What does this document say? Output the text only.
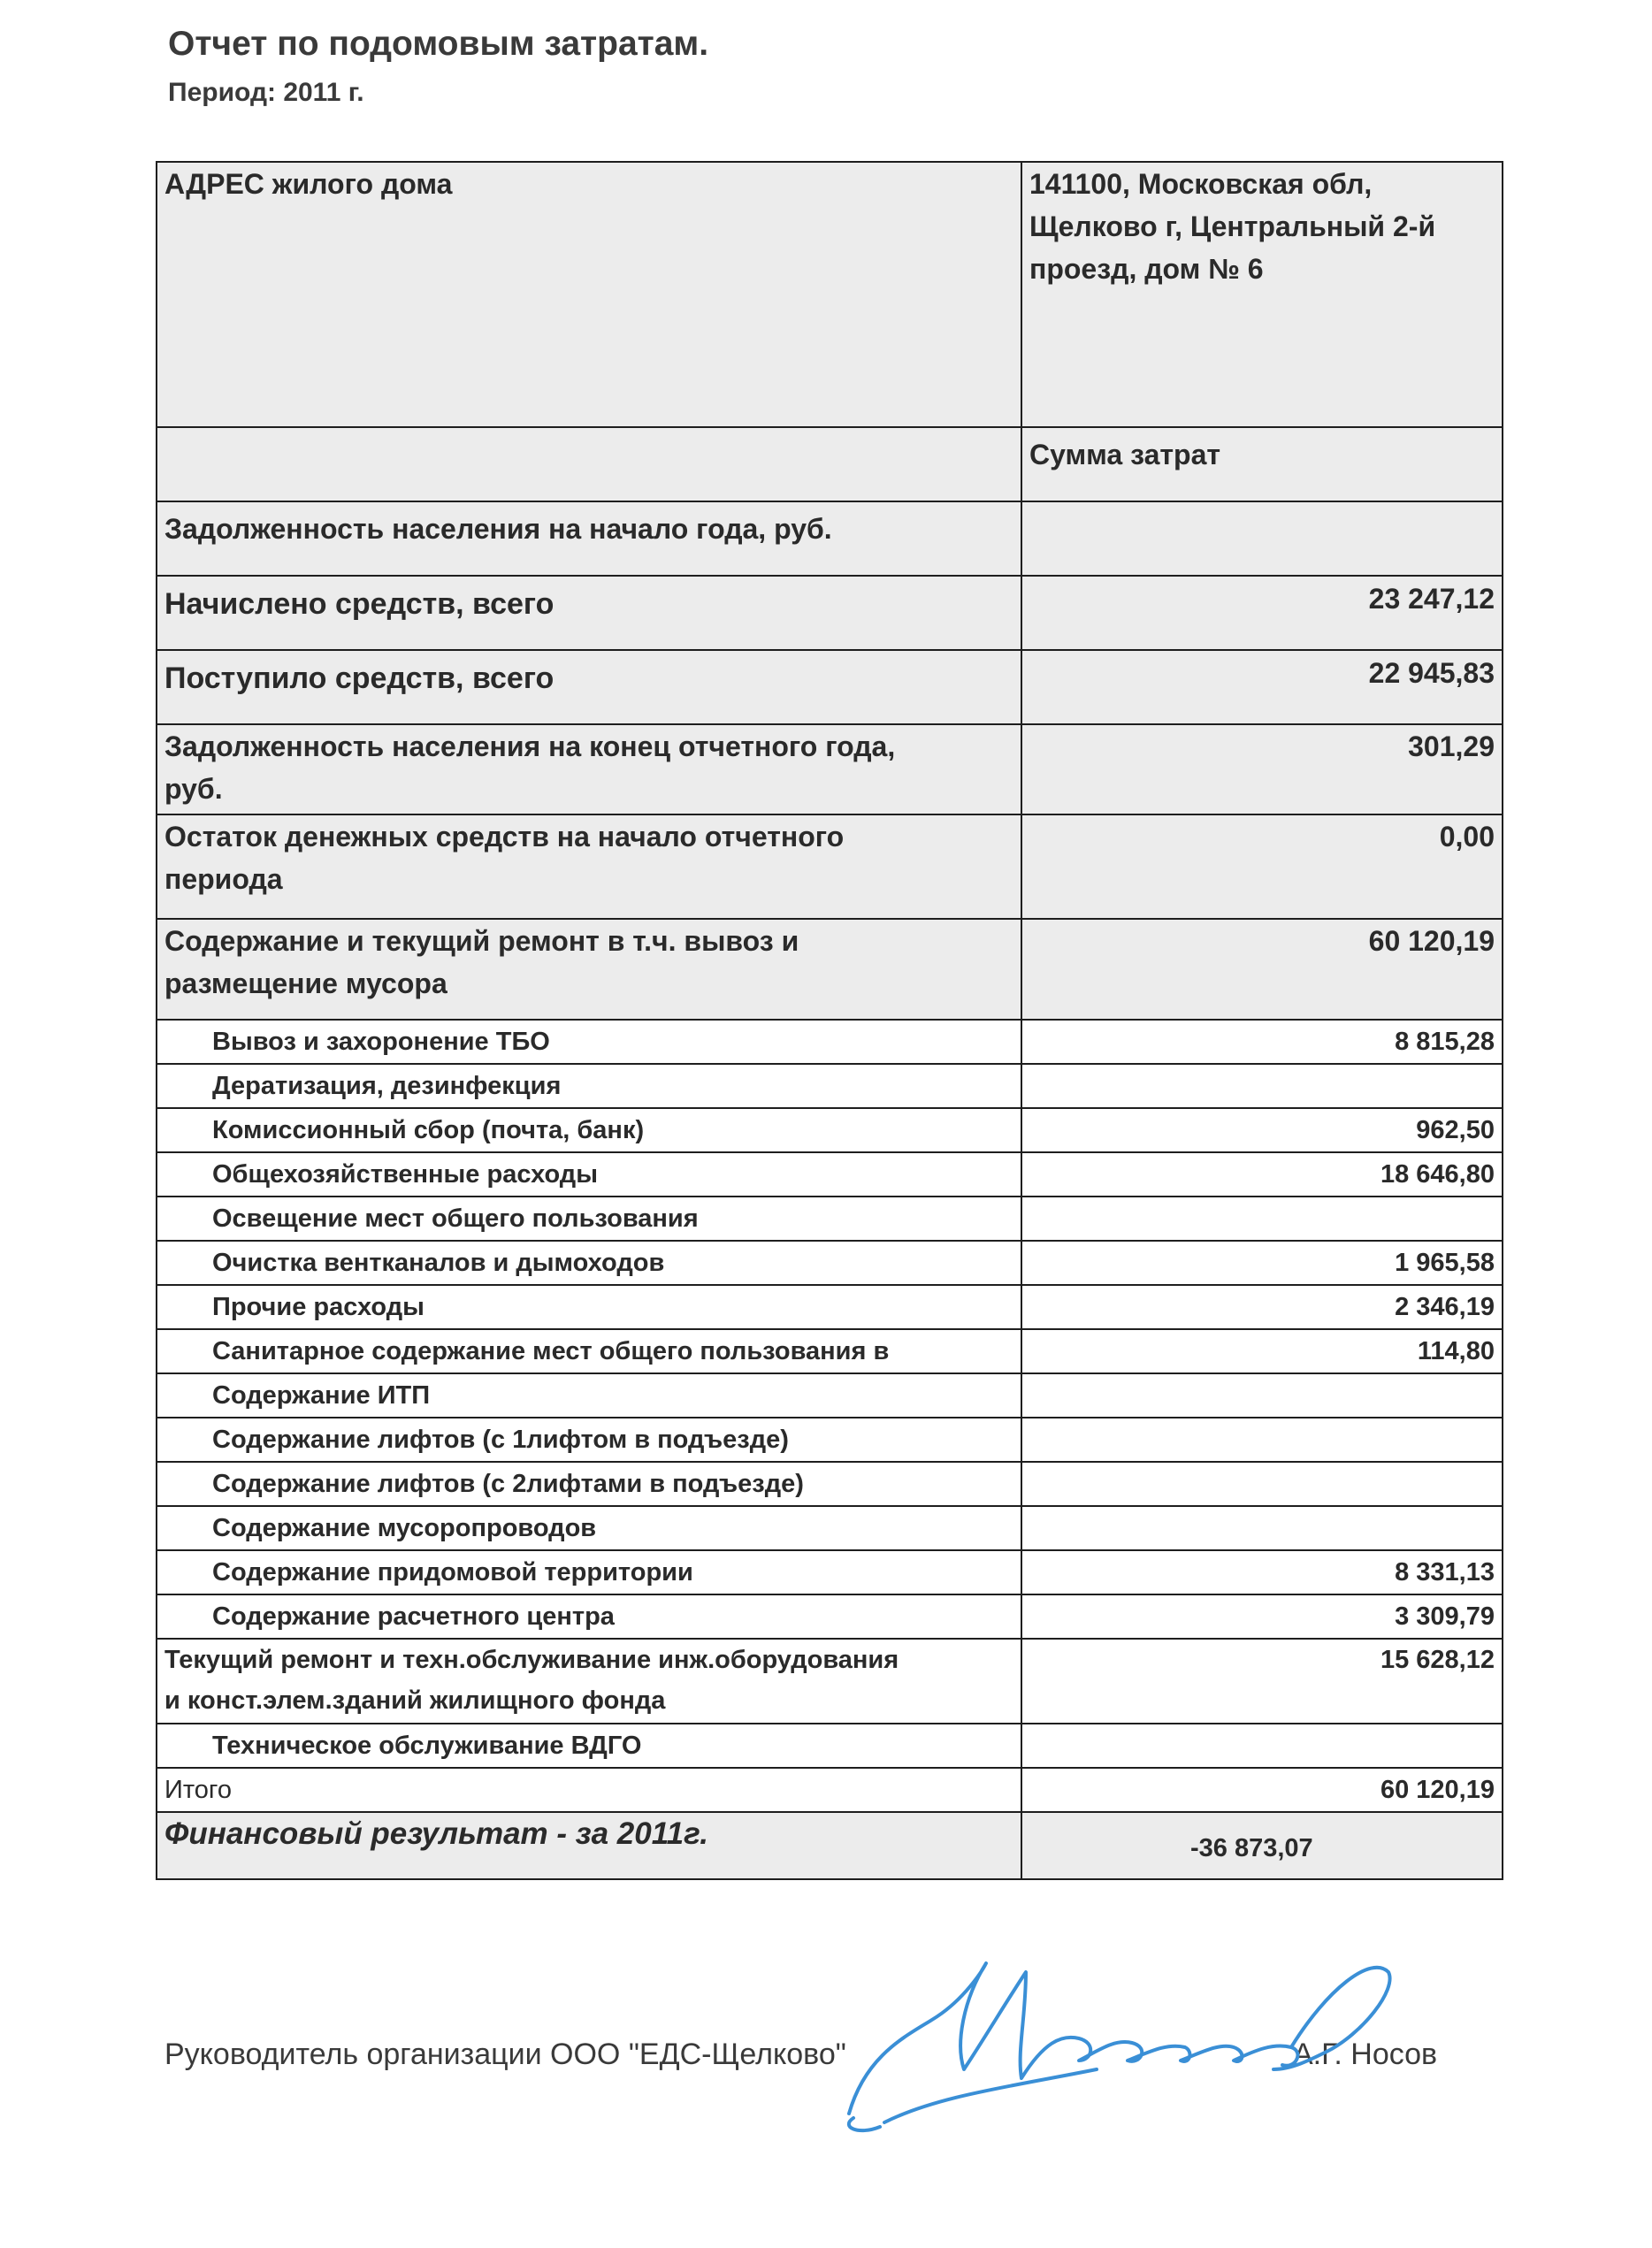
Отчет по подомовым затратам.
Период: 2011 г.
АДРЕС жилого дома	141100, Московская обл,
Щелково г, Центральный 2-й
проезд, дом № 6

	Сумма затрат
Задолженность населения на начало года, руб.	
Начислено средств, всего	23 247,12
Поступило средств, всего	22 945,83

Задолженность населения на конец отчетного года,
руб.	301,29

Остаток денежных средств на начало отчетного
периода	0,00

Содержание и текущий ремонт в т.ч. вывоз и
размещение мусора	60 120,19
Вывоз и захоронение ТБО	8 815,28
Дератизация, дезинфекция	
Комиссионный сбор (почта, банк)	962,50
Общехозяйственные расходы	18 646,80
Освещение мест общего пользования	
Очистка вентканалов и дымоходов	1 965,58
Прочие расходы	2 346,19
Санитарное содержание мест общего пользования в	114,80
Содержание ИТП	
Содержание лифтов (с 1лифтом в подъезде)	
Содержание лифтов (с 2лифтами в подъезде)	
Содержание мусоропроводов	
Содержание придомовой территории	8 331,13
Содержание расчетного центра	3 309,79

Текущий ремонт и техн.обслуживание инж.оборудования
и конст.элем.зданий жилищного фонда	15 628,12
Техническое обслуживание ВДГО	
Итого	60 120,19
Финансовый результат - за 2011г.	-36 873,07
Руководитель организации ООО "ЕДС-Щелково"	А.Г. Носов
